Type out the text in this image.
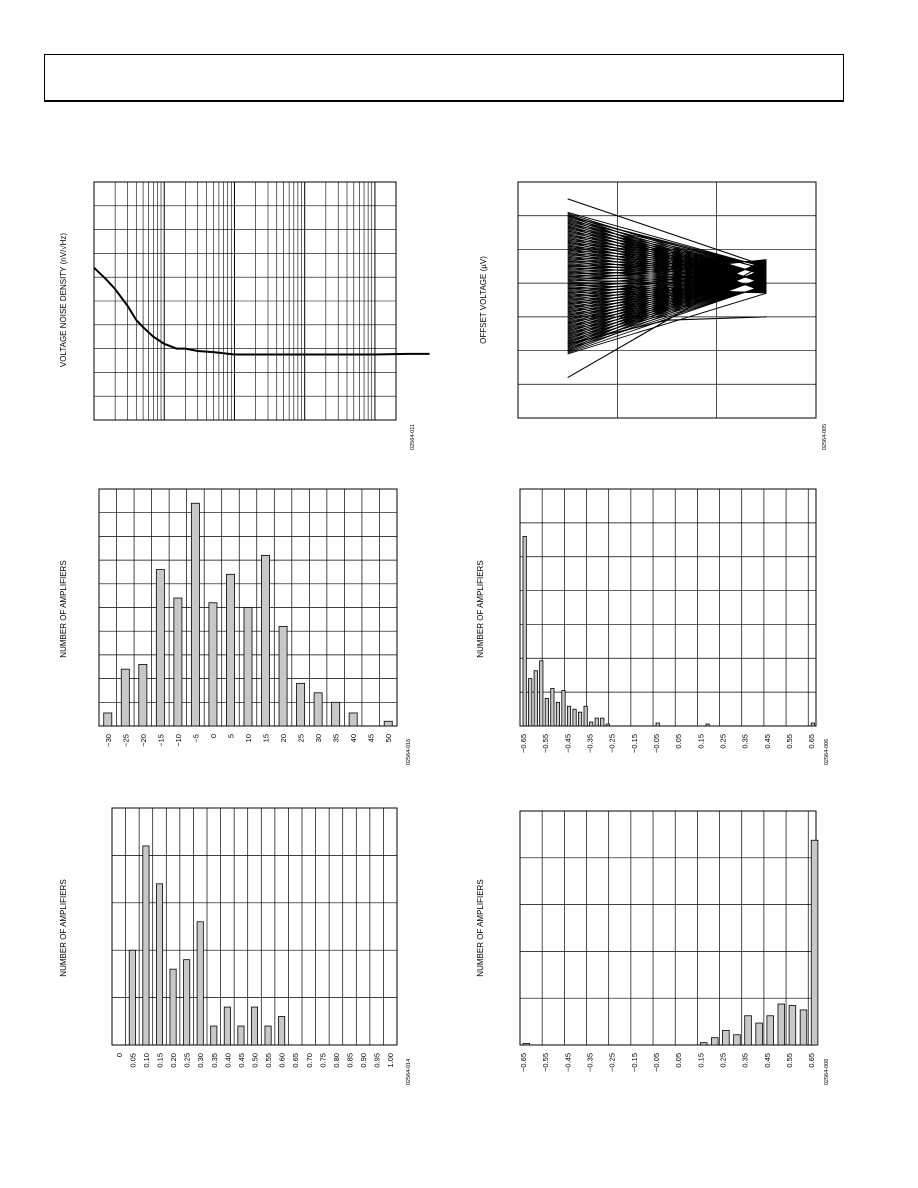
VOLTAGE NOISE DENSITY (nV/√Hz)
02564-011
OFFSET VOLTAGE (µV)
02564-005
NUMBER OF AMPLIFIERS
02564-016
−30 −25 −20 −15 −10 −5 0 5 10 15 20 25 30 35 40 45 50
NUMBER OF AMPLIFIERS
02564-006
−0.65 −0.55 −0.45 −0.35 −0.25 −0.15 −0.05 0.05 0.15 0.25 0.35 0.45 0.55 0.65
NUMBER OF AMPLIFIERS
02564-014
0 0.05 0.10 0.15 0.20 0.25 0.30 0.35 0.40 0.45 0.50 0.55 0.60 0.65 0.70 0.75 0.80 0.85 0.90 0.95 1.00
NUMBER OF AMPLIFIERS
02564-008
−0.65 −0.55 −0.45 −0.35 −0.25 −0.15 −0.05 0.05 0.15 0.25 0.35 0.45 0.55 0.65
